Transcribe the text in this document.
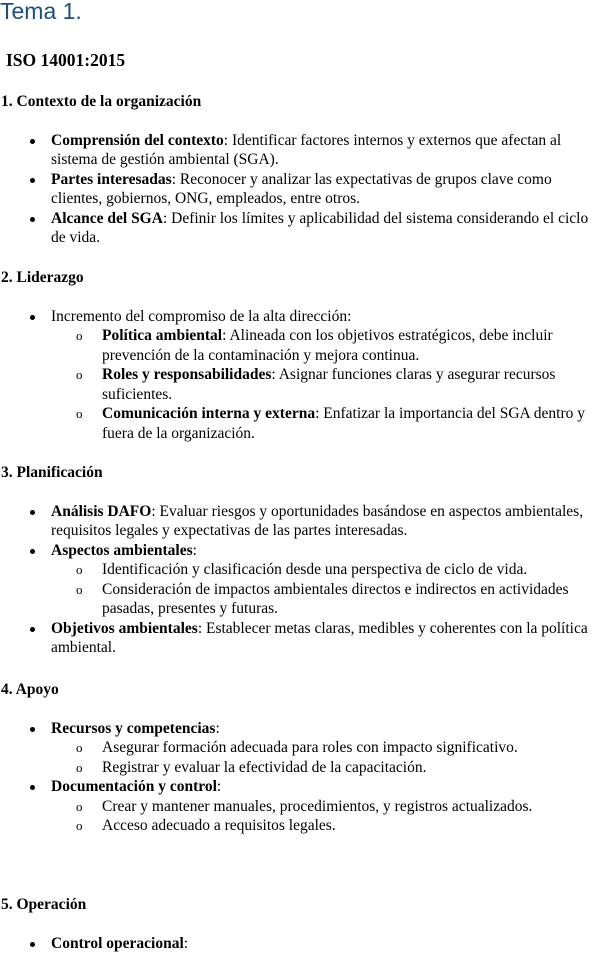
Tema 1.
ISO 14001:2015
1. Contexto de la organización
Comprensión del contexto: Identificar factores internos y externos que afectan al sistema de gestión ambiental (SGA).
Partes interesadas: Reconocer y analizar las expectativas de grupos clave como clientes, gobiernos, ONG, empleados, entre otros.
Alcance del SGA: Definir los límites y aplicabilidad del sistema considerando el ciclo de vida.
2. Liderazgo
Incremento del compromiso de la alta dirección:
o Política ambiental: Alineada con los objetivos estratégicos, debe incluir prevención de la contaminación y mejora continua.
o Roles y responsabilidades: Asignar funciones claras y asegurar recursos suficientes.
o Comunicación interna y externa: Enfatizar la importancia del SGA dentro y fuera de la organización.
3. Planificación
Análisis DAFO: Evaluar riesgos y oportunidades basándose en aspectos ambientales, requisitos legales y expectativas de las partes interesadas.
Aspectos ambientales:
o Identificación y clasificación desde una perspectiva de ciclo de vida.
o Consideración de impactos ambientales directos e indirectos en actividades pasadas, presentes y futuras.
Objetivos ambientales: Establecer metas claras, medibles y coherentes con la política ambiental.
4. Apoyo
Recursos y competencias:
o Asegurar formación adecuada para roles con impacto significativo.
o Registrar y evaluar la efectividad de la capacitación.
Documentación y control:
o Crear y mantener manuales, procedimientos, y registros actualizados.
o Acceso adecuado a requisitos legales.
5. Operación
Control operacional:
